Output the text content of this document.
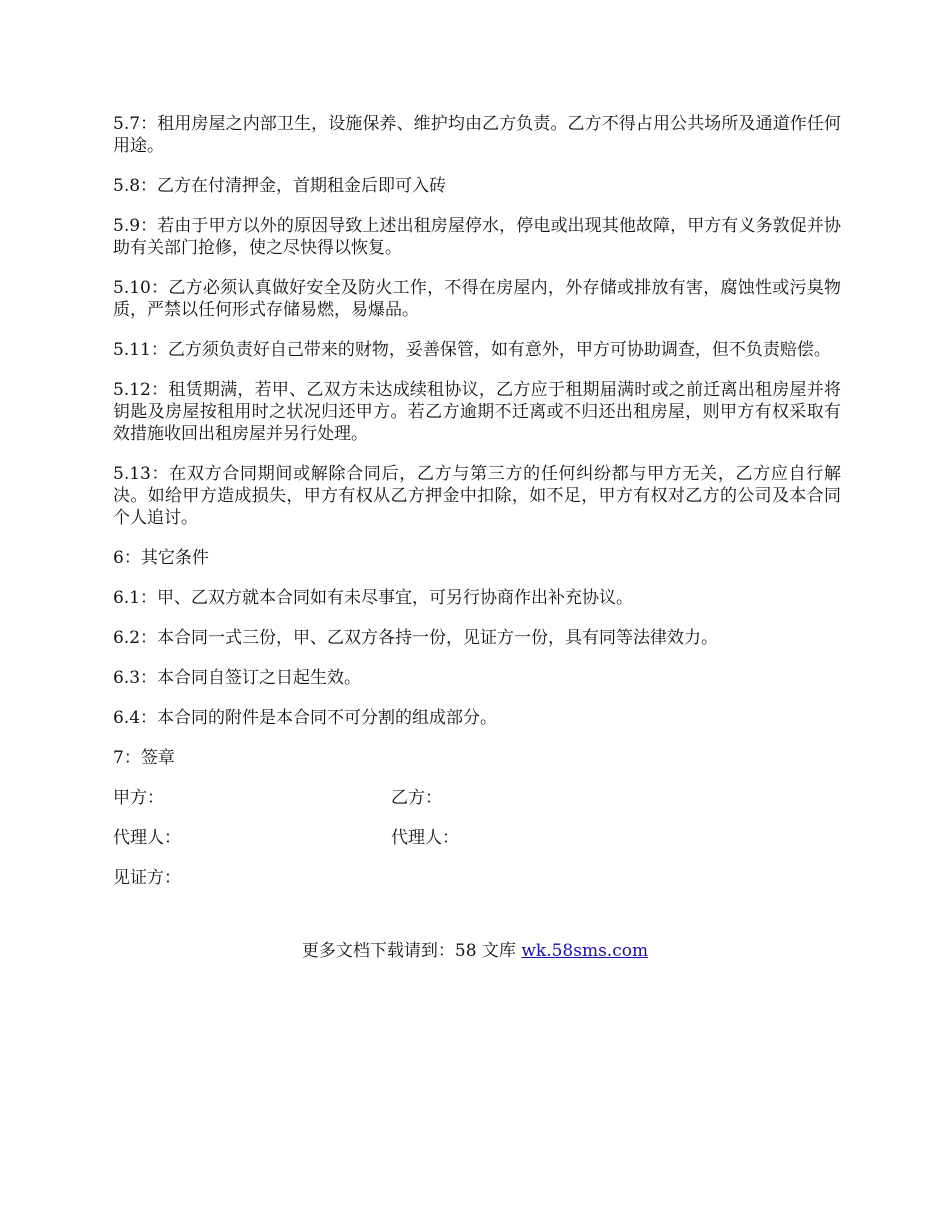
5.7：租用房屋之内部卫生，设施保养、维护均由乙方负责。乙方不得占用公共场所及通道作任何用途。

5.8：乙方在付清押金，首期租金后即可入砖

5.9：若由于甲方以外的原因导致上述出租房屋停水，停电或出现其他故障，甲方有义务敦促并协助有关部门抢修，使之尽快得以恢复。

5.10：乙方必须认真做好安全及防火工作，不得在房屋内，外存储或排放有害，腐蚀性或污臭物质，严禁以任何形式存储易燃，易爆品。

5.11：乙方须负责好自己带来的财物，妥善保管，如有意外，甲方可协助调查，但不负责赔偿。

5.12：租赁期满，若甲、乙双方未达成续租协议，乙方应于租期届满时或之前迁离出租房屋并将钥匙及房屋按租用时之状况归还甲方。若乙方逾期不迁离或不归还出租房屋，则甲方有权采取有效措施收回出租房屋并另行处理。

5.13：在双方合同期间或解除合同后，乙方与第三方的任何纠纷都与甲方无关，乙方应自行解决。如给甲方造成损失，甲方有权从乙方押金中扣除，如不足，甲方有权对乙方的公司及本合同个人追讨。

6：其它条件

6.1：甲、乙双方就本合同如有未尽事宜，可另行协商作出补充协议。

6.2：本合同一式三份，甲、乙双方各持一份，见证方一份，具有同等法律效力。

6.3：本合同自签订之日起生效。

6.4：本合同的附件是本合同不可分割的组成部分。

7：签章

甲方：	乙方：
代理人：	代理人：
见证方：
更多文档下载请到：58 文库 wk.58sms.com
